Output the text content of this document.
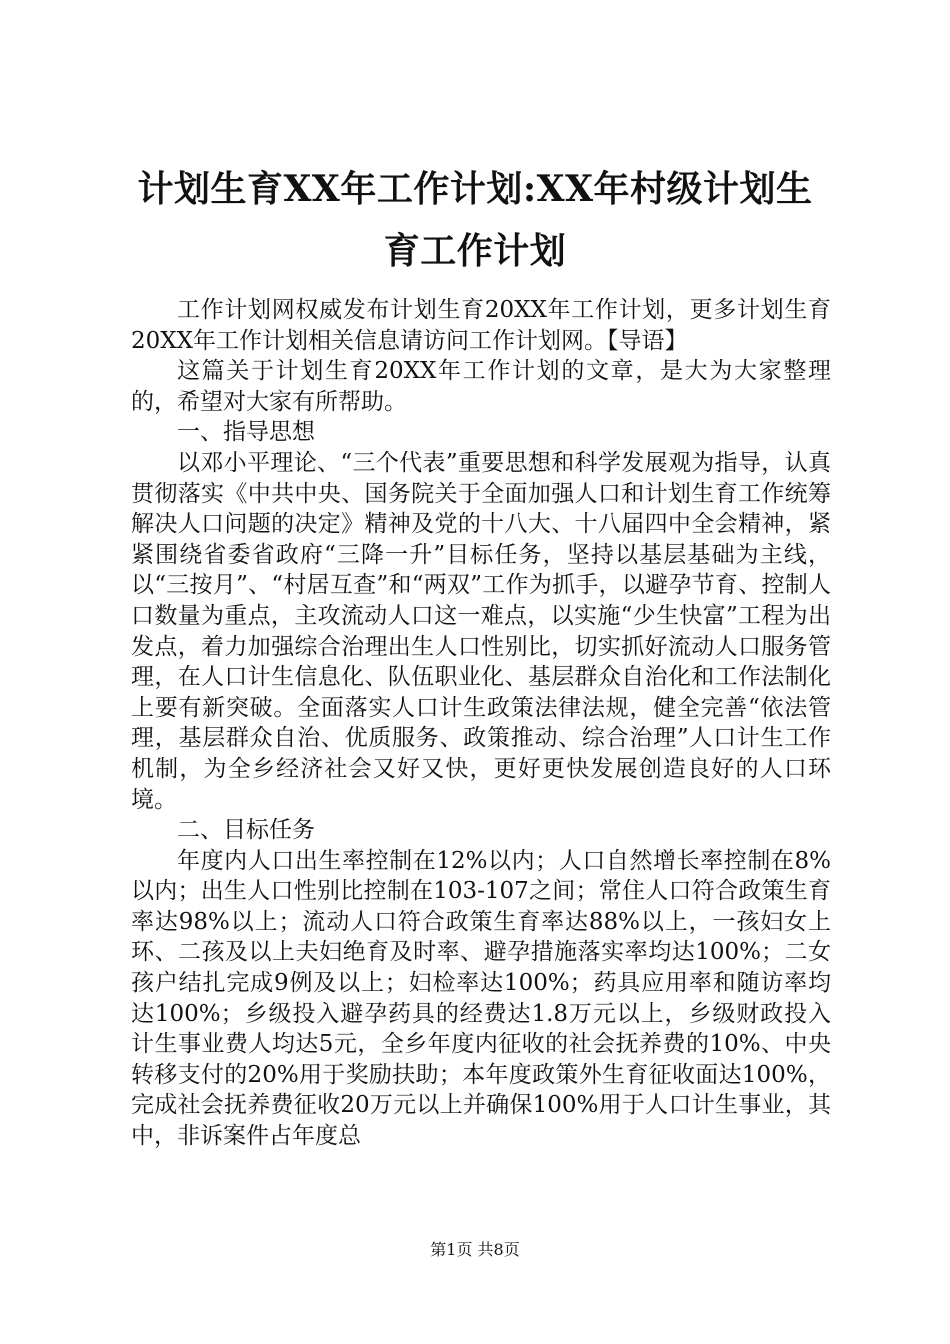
计划生育XX年工作计划:XX年村级计划生育工作计划

工作计划网权威发布计划生育20XX年工作计划，更多计划生育20XX年工作计划相关信息请访问工作计划网。【导语】

这篇关于计划生育20XX年工作计划的文章，是大为大家整理的，希望对大家有所帮助。

一、指导思想

以邓小平理论、“三个代表”重要思想和科学发展观为指导，认真贯彻落实《中共中央、国务院关于全面加强人口和计划生育工作统筹解决人口问题的决定》精神及党的十八大、十八届四中全会精神，紧紧围绕省委省政府“三降一升”目标任务，坚持以基层基础为主线，以“三按月”、“村居互查”和“两双”工作为抓手，以避孕节育、控制人口数量为重点，主攻流动人口这一难点，以实施“少生快富”工程为出发点，着力加强综合治理出生人口性别比，切实抓好流动人口服务管理，在人口计生信息化、队伍职业化、基层群众自治化和工作法制化上要有新突破。全面落实人口计生政策法律法规，健全完善“依法管理，基层群众自治、优质服务、政策推动、综合治理”人口计生工作机制，为全乡经济社会又好又快，更好更快发展创造良好的人口环境。

二、目标任务

年度内人口出生率控制在12%以内；人口自然增长率控制在8%以内；出生人口性别比控制在103-107之间；常住人口符合政策生育率达98%以上；流动人口符合政策生育率达88%以上，一孩妇女上环、二孩及以上夫妇绝育及时率、避孕措施落实率均达100%；二女孩户结扎完成9例及以上；妇检率达100%；药具应用率和随访率均达100%；乡级投入避孕药具的经费达1.8万元以上，乡级财政投入计生事业费人均达5元，全乡年度内征收的社会抚养费的10%、中央转移支付的20%用于奖励扶助；本年度政策外生育征收面达100%，完成社会抚养费征收20万元以上并确保100%用于人口计生事业，其中，非诉案件占年度总

第1页 共8页
